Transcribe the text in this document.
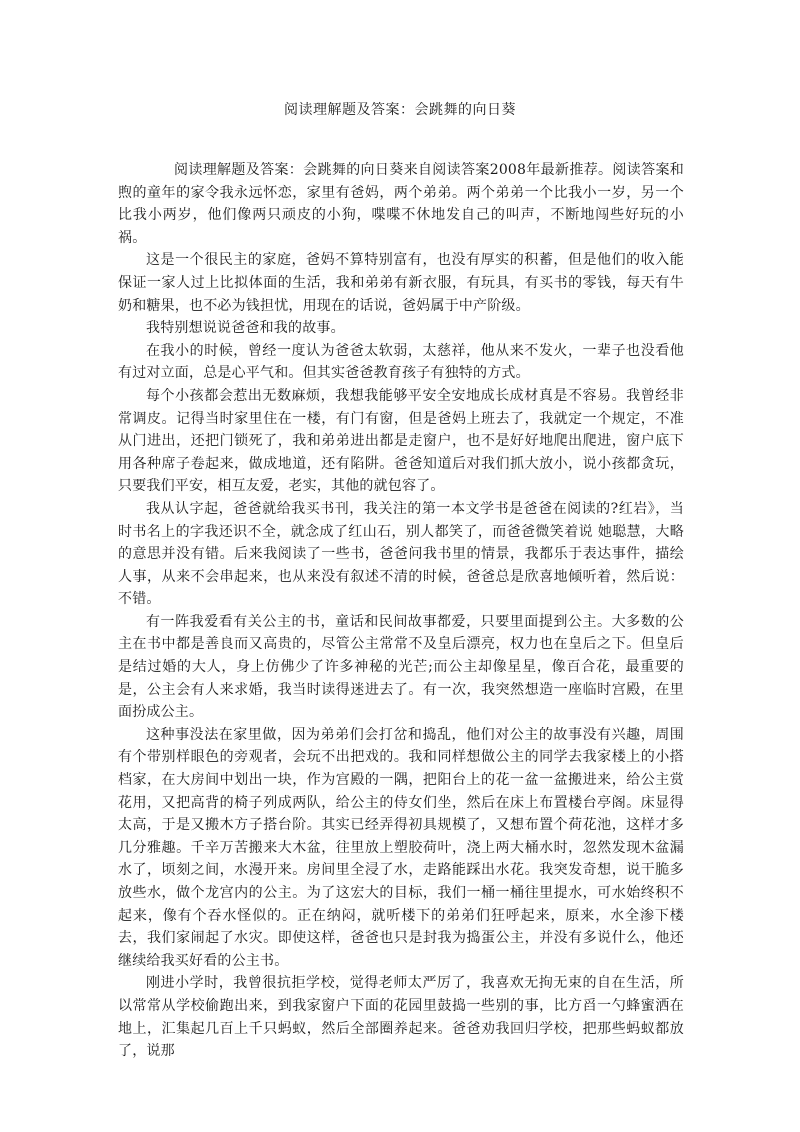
阅读理解题及答案：会跳舞的向日葵

阅读理解题及答案：会跳舞的向日葵来自阅读答案2008年最新推荐。阅读答案和煦的童年的家令我永远怀恋，家里有爸妈，两个弟弟。两个弟弟一个比我小一岁，另一个比我小两岁，他们像两只顽皮的小狗，喋喋不休地发自己的叫声，不断地闯些好玩的小祸。

这是一个很民主的家庭，爸妈不算特别富有，也没有厚实的积蓄，但是他们的收入能保证一家人过上比拟体面的生活，我和弟弟有新衣服，有玩具，有买书的零钱，每天有牛奶和糖果，也不必为钱担忧，用现在的话说，爸妈属于中产阶级。

我特别想说说爸爸和我的故事。

在我小的时候，曾经一度认为爸爸太软弱，太慈祥，他从来不发火，一辈子也没看他有过对立面，总是心平气和。但其实爸爸教育孩子有独特的方式。

每个小孩都会惹出无数麻烦，我想我能够平安全安地成长成材真是不容易。我曾经非常调皮。记得当时家里住在一楼，有门有窗，但是爸妈上班去了，我就定一个规定，不准从门进出，还把门锁死了，我和弟弟进出都是走窗户，也不是好好地爬出爬进，窗户底下用各种席子卷起来，做成地道，还有陷阱。爸爸知道后对我们抓大放小，说小孩都贪玩，只要我们平安，相互友爱，老实，其他的就包容了。

我从认字起，爸爸就给我买书刊，我关注的第一本文学书是爸爸在阅读的?红岩》，当时书名上的字我还识不全，就念成了红山石，别人都笑了，而爸爸微笑着说 她聪慧，大略的意思并没有错。后来我阅读了一些书，爸爸问我书里的情景，我都乐于表达事件，描绘人事，从来不会串起来，也从来没有叙述不清的时候，爸爸总是欣喜地倾听着，然后说：不错。

有一阵我爱看有关公主的书，童话和民间故事都爱，只要里面提到公主。大多数的公主在书中都是善良而又高贵的，尽管公主常常不及皇后漂亮，权力也在皇后之下。但皇后是结过婚的大人，身上仿佛少了许多神秘的光芒;而公主却像星星，像百合花，最重要的是，公主会有人来求婚，我当时读得迷进去了。有一次，我突然想造一座临时宫殿，在里面扮成公主。

这种事没法在家里做，因为弟弟们会打岔和捣乱，他们对公主的故事没有兴趣，周围有个带别样眼色的旁观者，会玩不出把戏的。我和同样想做公主的同学去我家楼上的小搭档家，在大房间中划出一块，作为宫殿的一隅，把阳台上的花一盆一盆搬进来，给公主赏花用，又把高背的椅子列成两队，给公主的侍女们坐，然后在床上布置楼台亭阁。床显得太高，于是又搬木方子搭台阶。其实已经弄得初具规模了，又想布置个荷花池，这样才多几分雅趣。千辛万苦搬来大木盆，往里放上塑胶荷叶，浇上两大桶水时，忽然发现木盆漏水了，顷刻之间，水漫开来。房间里全浸了水，走路能踩出水花。我突发奇想，说干脆多放些水，做个龙宫内的公主。为了这宏大的目标，我们一桶一桶往里提水，可水始终积不起来，像有个吞水怪似的。正在纳闷，就听楼下的弟弟们狂呼起来，原来，水全渗下楼去，我们家闹起了水灾。即使这样，爸爸也只是封我为捣蛋公主，并没有多说什么，他还继续给我买好看的公主书。

刚进小学时，我曾很抗拒学校，觉得老师太严厉了，我喜欢无拘无束的自在生活，所以常常从学校偷跑出来，到我家窗户下面的花园里鼓捣一些别的事，比方舀一勺蜂蜜洒在地上，汇集起几百上千只蚂蚁，然后全部圈养起来。爸爸劝我回归学校，把那些蚂蚁都放了，说那
